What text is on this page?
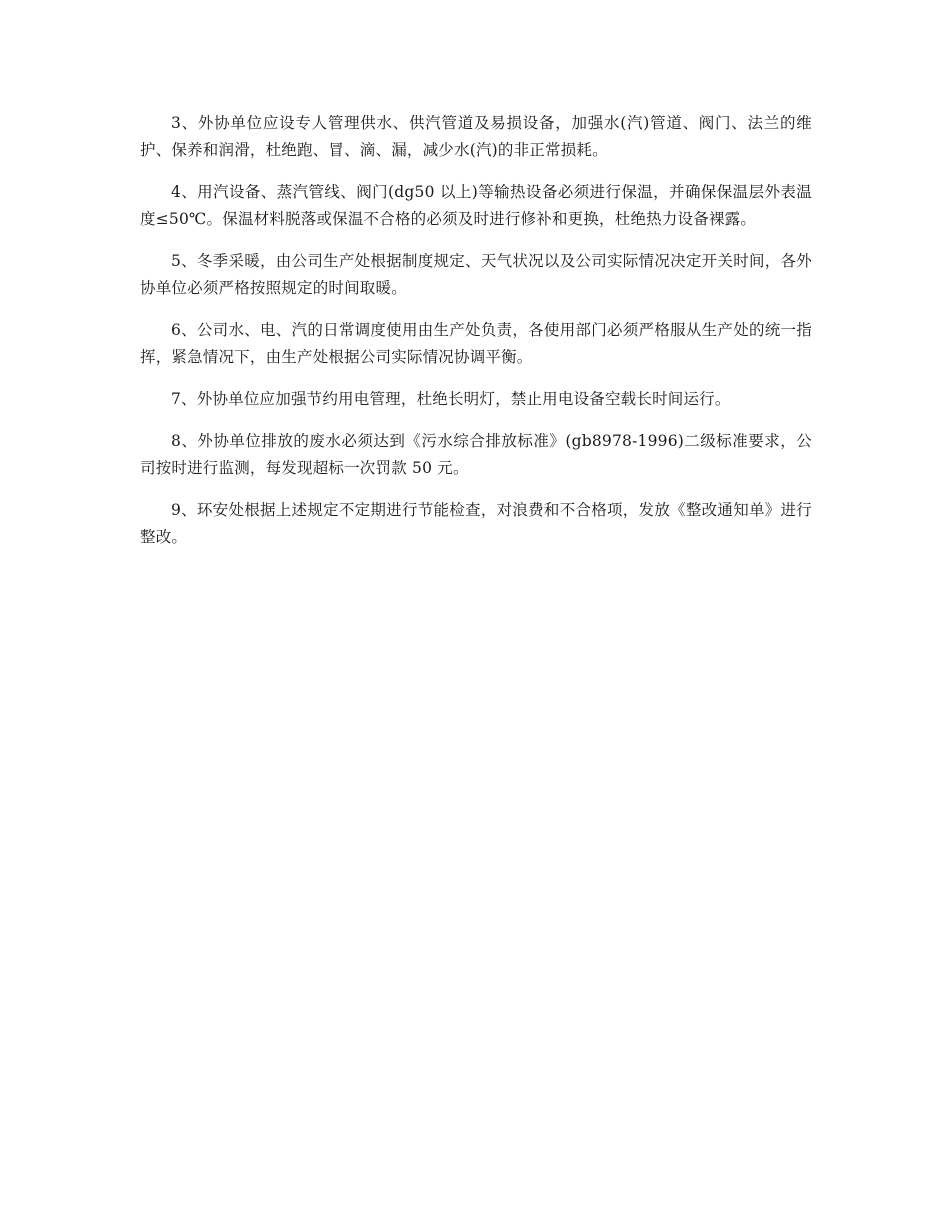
3、外协单位应设专人管理供水、供汽管道及易损设备，加强水(汽)管道、阀门、法兰的维护、保养和润滑，杜绝跑、冒、滴、漏，减少水(汽)的非正常损耗。

4、用汽设备、蒸汽管线、阀门(dg50 以上)等输热设备必须进行保温，并确保保温层外表温度≤50℃。保温材料脱落或保温不合格的必须及时进行修补和更换，杜绝热力设备裸露。

5、冬季采暖，由公司生产处根据制度规定、天气状况以及公司实际情况决定开关时间，各外协单位必须严格按照规定的时间取暖。

6、公司水、电、汽的日常调度使用由生产处负责，各使用部门必须严格服从生产处的统一指挥，紧急情况下，由生产处根据公司实际情况协调平衡。

7、外协单位应加强节约用电管理，杜绝长明灯，禁止用电设备空载长时间运行。

8、外协单位排放的废水必须达到《污水综合排放标准》(gb8978-1996)二级标准要求，公司按时进行监测，每发现超标一次罚款 50 元。

9、环安处根据上述规定不定期进行节能检查，对浪费和不合格项，发放《整改通知单》进行整改。
